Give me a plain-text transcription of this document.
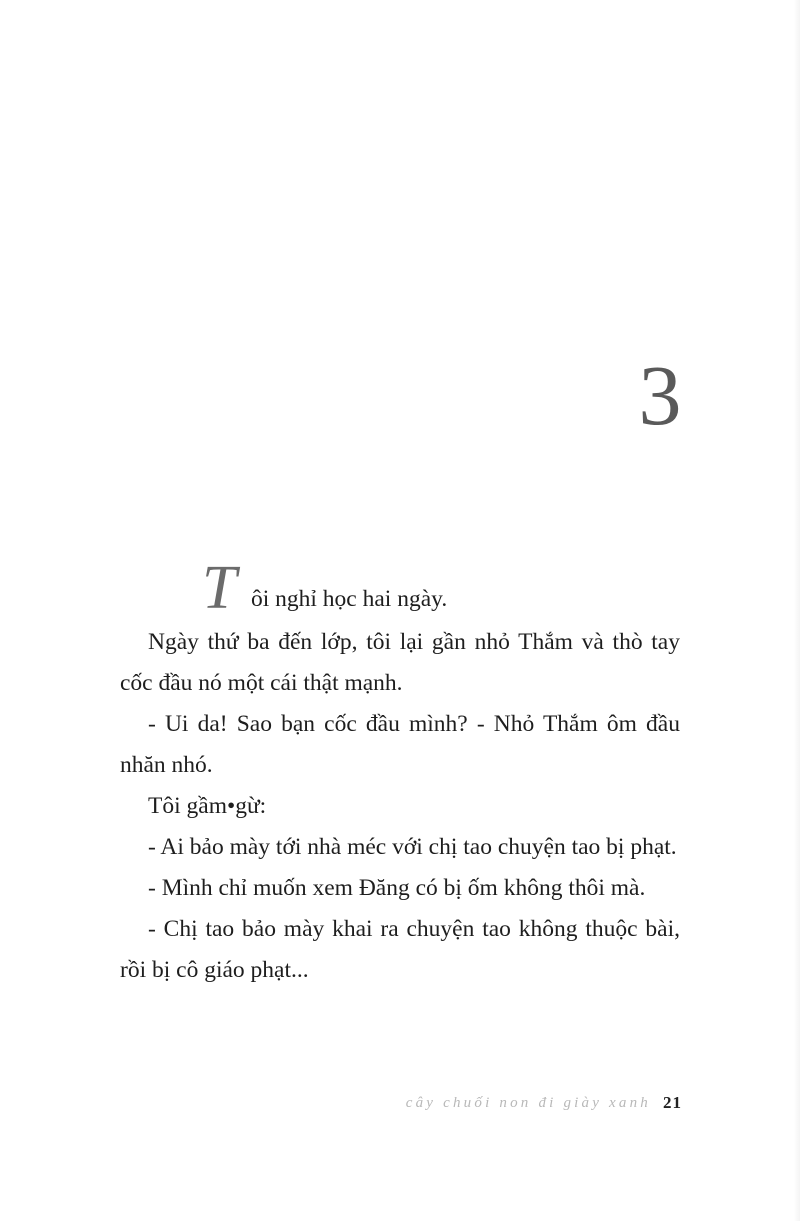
3

T ôi nghỉ học hai ngày.

Ngày thứ ba đến lớp, tôi lại gần nhỏ Thắm và thò tay cốc đầu nó một cái thật mạnh.

- Ui da! Sao bạn cốc đầu mình? - Nhỏ Thắm ôm đầu nhăn nhó.

Tôi gầm•gừ:

- Ai bảo mày tới nhà méc với chị tao chuyện tao bị phạt.

- Mình chỉ muốn xem Đăng có bị ốm không thôi mà.

- Chị tao bảo mày khai ra chuyện tao không thuộc bài, rồi bị cô giáo phạt...

cây chuối non đi giày xanh 21
